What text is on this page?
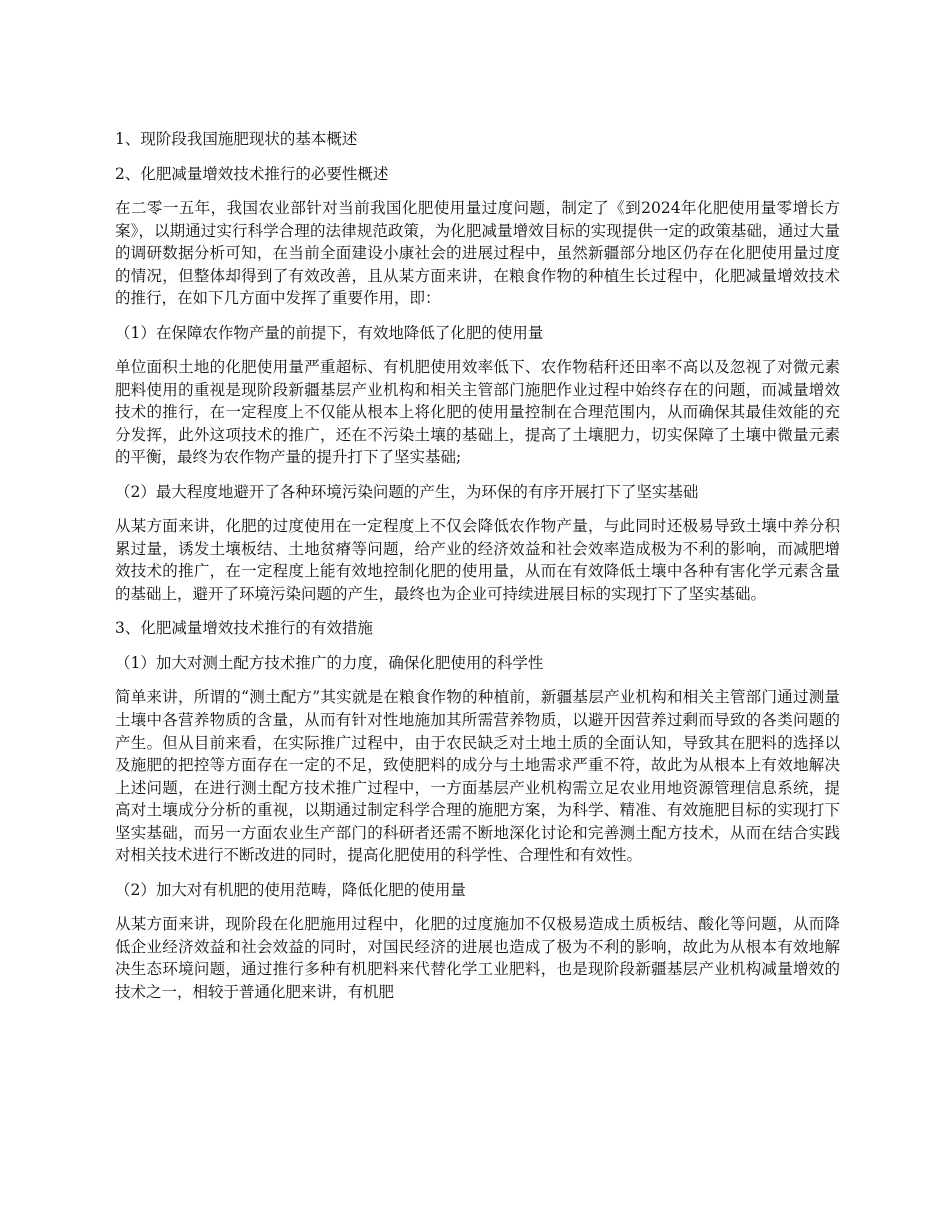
1、现阶段我国施肥现状的基本概述
2、化肥减量增效技术推行的必要性概述
在二零一五年，我国农业部针对当前我国化肥使用量过度问题，制定了《到2024年化肥使用量零增长方案》，以期通过实行科学合理的法律规范政策，为化肥减量增效目标的实现提供一定的政策基础，通过大量的调研数据分析可知，在当前全面建设小康社会的进展过程中，虽然新疆部分地区仍存在化肥使用量过度的情况，但整体却得到了有效改善，且从某方面来讲，在粮食作物的种植生长过程中，化肥减量增效技术的推行，在如下几方面中发挥了重要作用，即：
（1）在保障农作物产量的前提下，有效地降低了化肥的使用量
单位面积土地的化肥使用量严重超标、有机肥使用效率低下、农作物秸秆还田率不高以及忽视了对微元素肥料使用的重视是现阶段新疆基层产业机构和相关主管部门施肥作业过程中始终存在的问题，而减量增效技术的推行，在一定程度上不仅能从根本上将化肥的使用量控制在合理范围内，从而确保其最佳效能的充分发挥，此外这项技术的推广，还在不污染土壤的基础上，提高了土壤肥力，切实保障了土壤中微量元素的平衡，最终为农作物产量的提升打下了坚实基础;
（2）最大程度地避开了各种环境污染问题的产生，为环保的有序开展打下了坚实基础
从某方面来讲，化肥的过度使用在一定程度上不仅会降低农作物产量，与此同时还极易导致土壤中养分积累过量，诱发土壤板结、土地贫瘠等问题，给产业的经济效益和社会效率造成极为不利的影响，而减肥增效技术的推广，在一定程度上能有效地控制化肥的使用量，从而在有效降低土壤中各种有害化学元素含量的基础上，避开了环境污染问题的产生，最终也为企业可持续进展目标的实现打下了坚实基础。
3、化肥减量增效技术推行的有效措施
（1）加大对测土配方技术推广的力度，确保化肥使用的科学性
简单来讲，所谓的“测土配方”其实就是在粮食作物的种植前，新疆基层产业机构和相关主管部门通过测量土壤中各营养物质的含量，从而有针对性地施加其所需营养物质，以避开因营养过剩而导致的各类问题的产生。但从目前来看，在实际推广过程中，由于农民缺乏对土地土质的全面认知，导致其在肥料的选择以及施肥的把控等方面存在一定的不足，致使肥料的成分与土地需求严重不符，故此为从根本上有效地解决上述问题，在进行测土配方技术推广过程中，一方面基层产业机构需立足农业用地资源管理信息系统，提高对土壤成分分析的重视，以期通过制定科学合理的施肥方案，为科学、精准、有效施肥目标的实现打下坚实基础，而另一方面农业生产部门的科研者还需不断地深化讨论和完善测土配方技术，从而在结合实践对相关技术进行不断改进的同时，提高化肥使用的科学性、合理性和有效性。
（2）加大对有机肥的使用范畴，降低化肥的使用量
从某方面来讲，现阶段在化肥施用过程中，化肥的过度施加不仅极易造成土质板结、酸化等问题，从而降低企业经济效益和社会效益的同时，对国民经济的进展也造成了极为不利的影响，故此为从根本有效地解决生态环境问题，通过推行多种有机肥料来代替化学工业肥料，也是现阶段新疆基层产业机构减量增效的技术之一，相较于普通化肥来讲，有机肥
